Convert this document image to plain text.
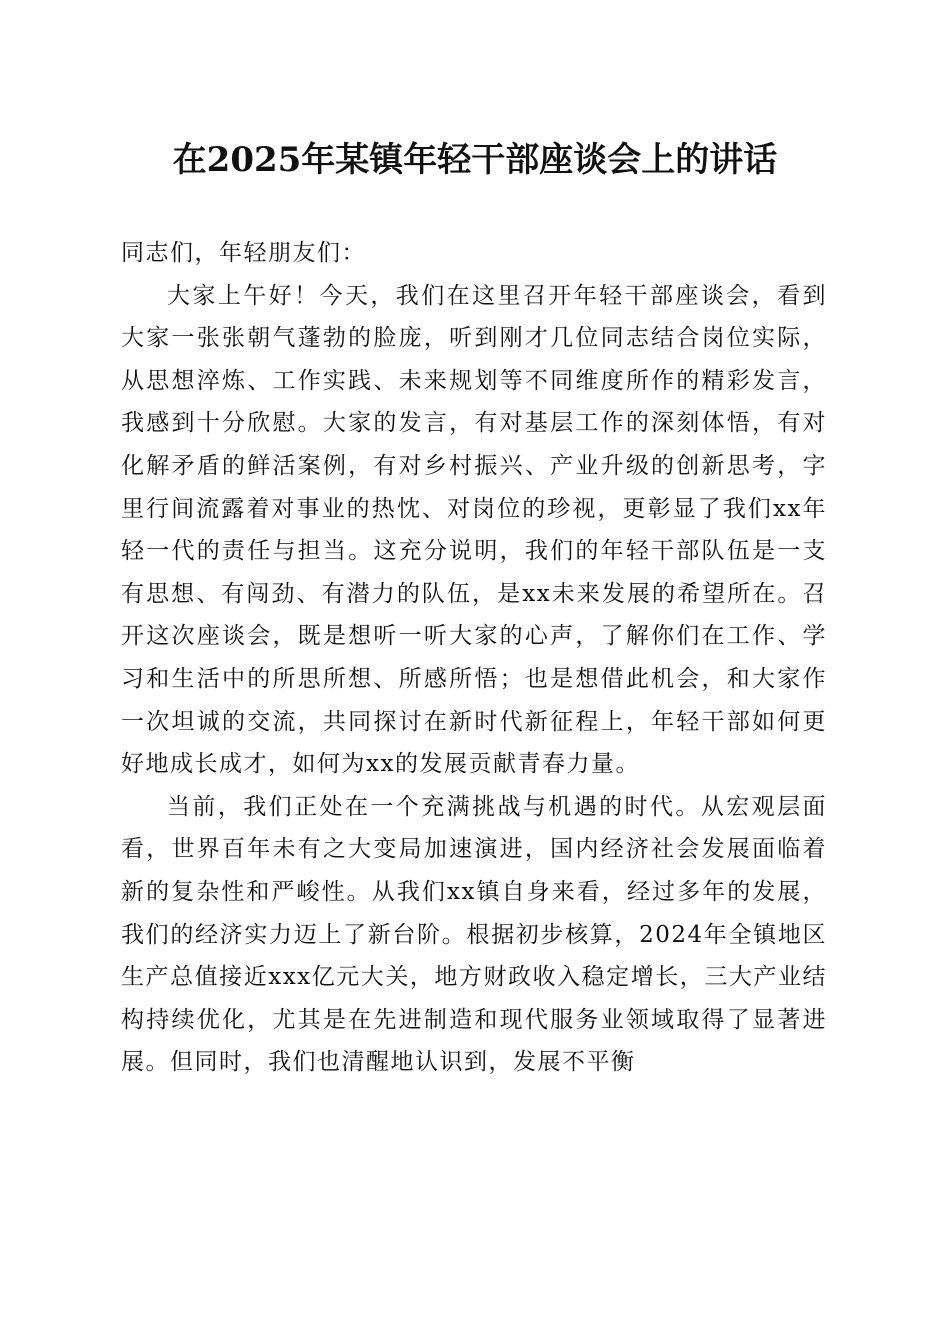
在2025年某镇年轻干部座谈会上的讲话

同志们，年轻朋友们：

大家上午好！今天，我们在这里召开年轻干部座谈会，看到大家一张张朝气蓬勃的脸庞，听到刚才几位同志结合岗位实际，从思想淬炼、工作实践、未来规划等不同维度所作的精彩发言，我感到十分欣慰。大家的发言，有对基层工作的深刻体悟，有对化解矛盾的鲜活案例，有对乡村振兴、产业升级的创新思考，字里行间流露着对事业的热忱、对岗位的珍视，更彰显了我们xx年轻一代的责任与担当。这充分说明，我们的年轻干部队伍是一支有思想、有闯劲、有潜力的队伍，是xx未来发展的希望所在。召开这次座谈会，既是想听一听大家的心声，了解你们在工作、学习和生活中的所思所想、所感所悟；也是想借此机会，和大家作一次坦诚的交流，共同探讨在新时代新征程上，年轻干部如何更好地成长成才，如何为xx的发展贡献青春力量。

当前，我们正处在一个充满挑战与机遇的时代。从宏观层面看，世界百年未有之大变局加速演进，国内经济社会发展面临着新的复杂性和严峻性。从我们xx镇自身来看，经过多年的发展，我们的经济实力迈上了新台阶。根据初步核算，2024年全镇地区生产总值接近xxx亿元大关，地方财政收入稳定增长，三大产业结构持续优化，尤其是在先进制造和现代服务业领域取得了显著进展。但同时，我们也清醒地认识到，发展不平衡
